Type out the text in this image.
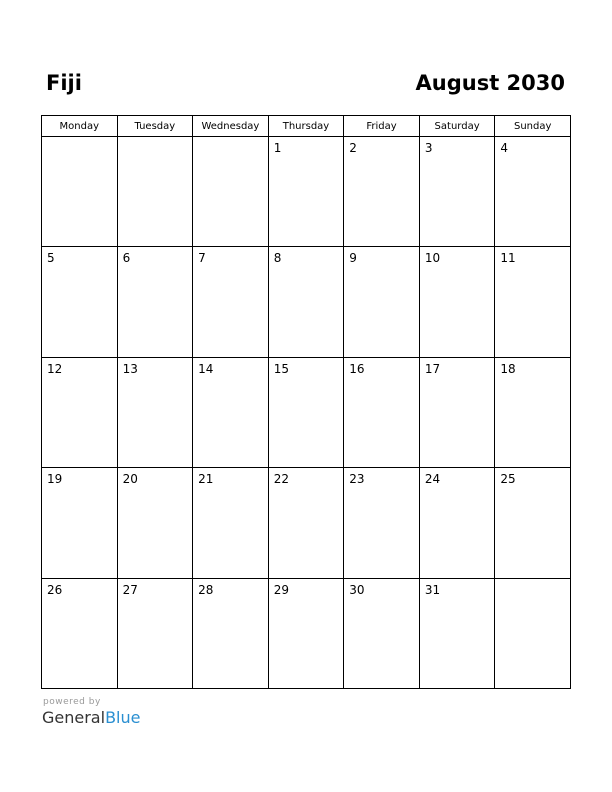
Fiji	August 2030
Monday	Tuesday	Wednesday	Thursday	Friday	Saturday	Sunday

			1	2	3	4

5	6	7	8	9	10	11

12	13	14	15	16	17	18

19	20	21	22	23	24	25

26	27	28	29	30	31	

powered by
GeneralBlue
